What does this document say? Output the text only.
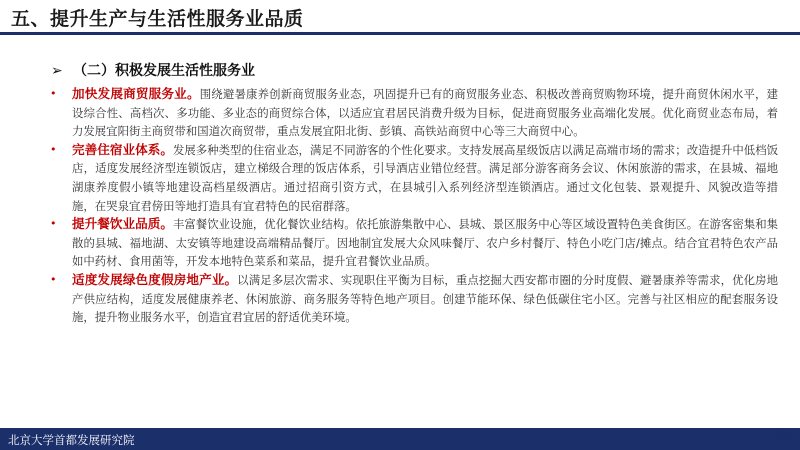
五、提升生产与生活性服务业品质
➢ （二）积极发展生活性服务业
• 加快发展商贸服务业。围绕避暑康养创新商贸服务业态，巩固提升已有的商贸服务业态、积极改善商贸购物环境，提升商贸休闲水平，建设综合性、高档次、多功能、多业态的商贸综合体，以适应宜君居民消费升级为目标，促进商贸服务业高端化发展。优化商贸业态布局，着力发展宜阳街主商贸带和国道次商贸带，重点发展宜阳北街、彭镇、高铁站商贸中心等三大商贸中心。
• 完善住宿业体系。发展多种类型的住宿业态，满足不同游客的个性化要求。支持发展高星级饭店以满足高端市场的需求；改造提升中低档饭店，适度发展经济型连锁饭店，建立梯级合理的饭店体系，引导酒店业错位经营。满足部分游客商务会议、休闲旅游的需求，在县城、福地湖康养度假小镇等地建设高档星级酒店。通过招商引资方式，在县城引入系列经济型连锁酒店。通过文化包装、景观提升、风貌改造等措施，在哭泉宜君傍田等地打造具有宜君特色的民宿群落。
• 提升餐饮业品质。丰富餐饮业设施，优化餐饮业结构。依托旅游集散中心、县城、景区服务中心等区域设置特色美食街区。在游客密集和集散的县城、福地湖、太安镇等地建设高端精品餐厅。因地制宜发展大众风味餐厅、农户乡村餐厅、特色小吃门店/摊点。结合宜君特色农产品如中药材、食用菌等，开发本地特色菜系和菜品，提升宜君餐饮业品质。
• 适度发展绿色度假房地产业。以满足多层次需求、实现职住平衡为目标，重点挖掘大西安都市圈的分时度假、避暑康养等需求，优化房地产供应结构，适度发展健康养老、休闲旅游、商务服务等特色地产项目。创建节能环保、绿色低碳住宅小区。完善与社区相应的配套服务设施，提升物业服务水平，创造宜君宜居的舒适优美环境。
北京大学首都发展研究院	35
